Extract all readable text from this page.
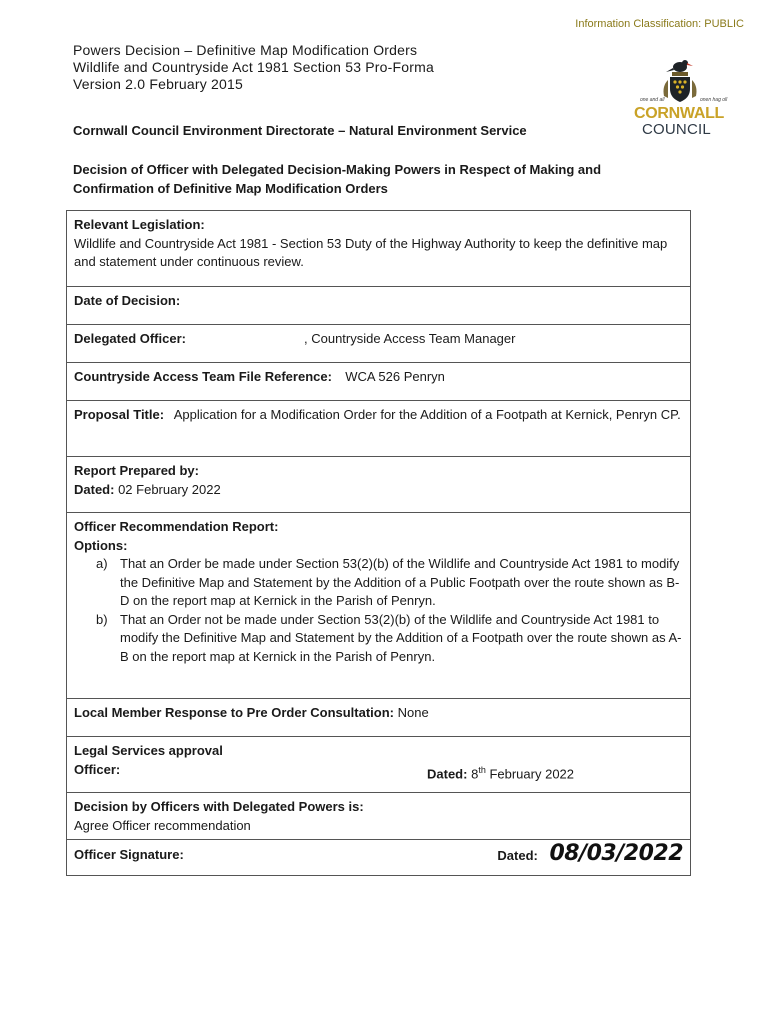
Information Classification: PUBLIC
Powers Decision – Definitive Map Modification Orders
Wildlife and Countryside Act 1981 Section 53 Pro-Forma
Version 2.0 February 2015
one and all	onen hag oll
CORNWALL
COUNCIL
Cornwall Council Environment Directorate – Natural Environment Service
Decision of Officer with Delegated Decision-Making Powers in Respect of Making and Confirmation of Definitive Map Modification Orders
Relevant Legislation:
Wildlife and Countryside Act 1981 - Section 53 Duty of the Highway Authority to keep the definitive map and statement under continuous review.

Date of Decision:
Delegated Officer:	, Countryside Access Team Manager
Countryside Access Team File Reference: WCA 526 Penryn
Proposal Title: Application for a Modification Order for the Addition of a Footpath at Kernick, Penryn CP.

Report Prepared by:
Dated: 02 February 2022

Officer Recommendation Report:
Options:
a) That an Order be made under Section 53(2)(b) of the Wildlife and Countryside Act 1981 to modify the Definitive Map and Statement by the Addition of a Public Footpath over the route shown as B-D on the report map at Kernick in the Parish of Penryn.
b) That an Order not be made under Section 53(2)(b) of the Wildlife and Countryside Act 1981 to modify the Definitive Map and Statement by the Addition of a Footpath over the route shown as A-B on the report map at Kernick in the Parish of Penryn.

Local Member Response to Pre Order Consultation: None

Legal Services approval
Officer:	Dated: 8th February 2022

Decision by Officers with Delegated Powers is:
Agree Officer recommendation

Officer Signature:	Dated: 08/03/2022
